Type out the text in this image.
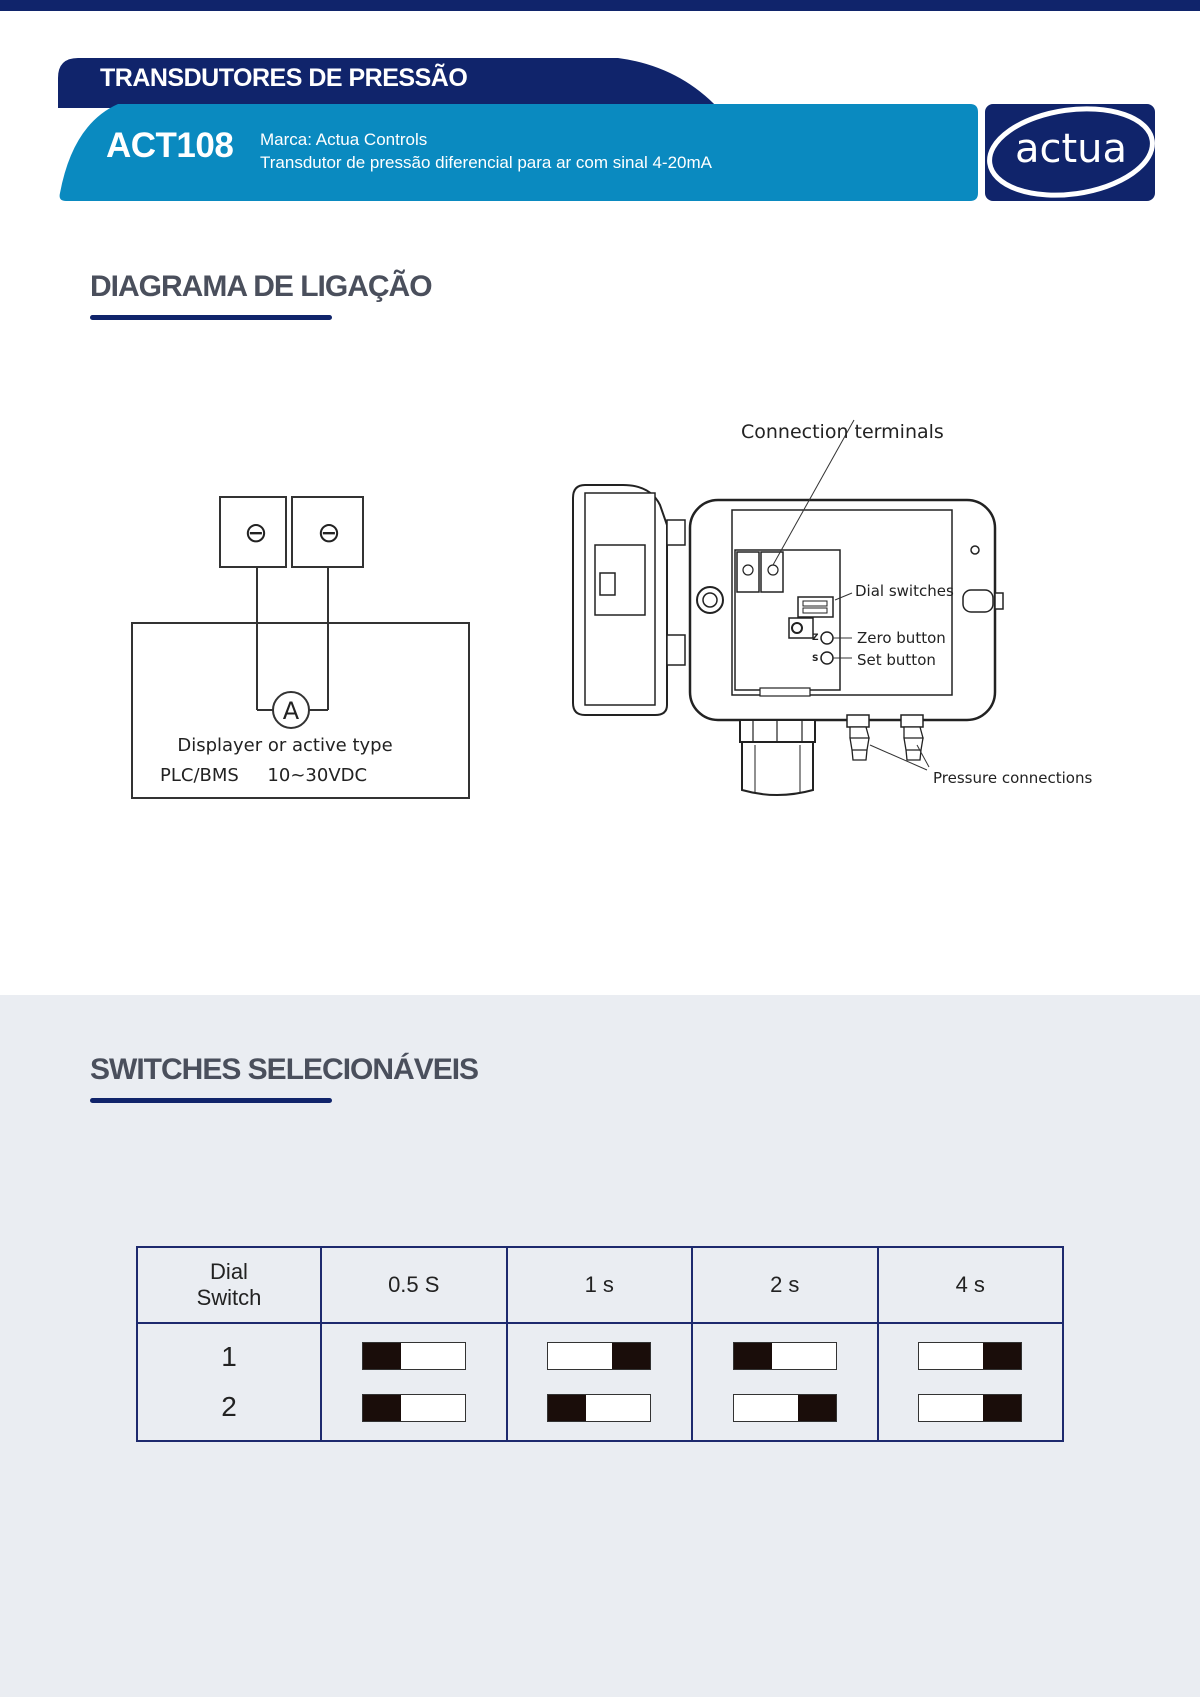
TRANSDUTORES DE PRESSÃO
ACT108 Marca: Actua Controls
Transdutor de pressão diferencial para ar com sinal 4-20mA	actua
DIAGRAMA DE LIGAÇÃO
⊖ ⊖
A
Displayer or active type
PLC/BMS     10~30VDC
Z
S
Connection terminals
Dial switches
Zero button
Set button
Pressure connections
SWITCHES SELECIONÁVEIS
Dial
Switch	0.5 S	1 s	2 s	4 s

1
2				
